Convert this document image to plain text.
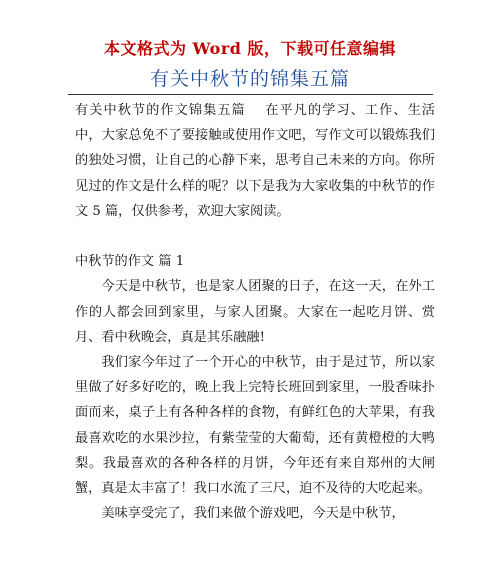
本文格式为 Word 版，下载可任意编辑
有关中秋节的锦集五篇

有关中秋节的作文锦集五篇　 在平凡的学习、工作、生活中，大家总免不了要接触或使用作文吧，写作文可以锻炼我们的独处习惯，让自己的心静下来，思考自己未来的方向。你所见过的作文是什么样的呢？以下是我为大家收集的中秋节的作文 5 篇，仅供参考，欢迎大家阅读。

中秋节的作文 篇 1

今天是中秋节，也是家人团聚的日子，在这一天，在外工作的人都会回到家里，与家人团聚。大家在一起吃月饼、赏月、看中秋晚会，真是其乐融融!

我们家今年过了一个开心的中秋节，由于是过节，所以家里做了好多好吃的，晚上我上完特长班回到家里，一股香味扑面而来，桌子上有各种各样的食物，有鲜红色的大苹果，有我最喜欢吃的水果沙拉，有紫莹莹的大葡萄，还有黄橙橙的大鸭梨。我最喜欢的各种各样的月饼，今年还有来自郑州的大闸蟹，真是太丰富了！我口水流了三尺，迫不及待的大吃起来。

美味享受完了，我们来做个游戏吧，今天是中秋节，
